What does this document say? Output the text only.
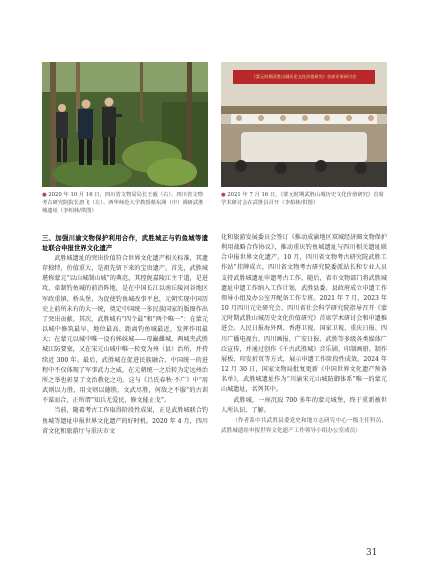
《蒙元时期武胜山城历史文化价值研究》首席专家研讨会
● 2020 年 10 月 16 日，四川省文物局局长王毅（右）、四川省文物考古研究院院长唐飞（左）、西华师范大学教授蔡东洲（中）调研武胜城遗址（李柏林/供图）
● 2021 年 7 月 16 日，《蒙元时期武胜山城历史文化价值研究》首席学术研讨会在武胜县召开（李柏林/供图）
三、加强川渝文物保护利用合作，武胜城正与钓鱼城等遗址联合申报世界文化遗产

武胜城遗址的突出价值符合世界文化遗产相关标准，其遗存独特，价值重大，是祖先留下来的宝贵遗产。首先，武胜城堪称蒙元“以山城制山城”的典范。其控扼嘉陵江主干道，是进攻、牵制钓鱼城的前沿阵地，是在中国长江以南丘陵河谷地区军政重镇、桥头堡，为促使钓鱼城改事平息，元朝实现中国历史上前所未有的大一统，奠定中国统一多民族国家的版图作出了突出贡献。其次，武胜城有“四个最”和“两个唯一”：在蒙元以城中修筑最早、地位最高、距离钓鱼城最近，发挥作用最大；在蒙元以城中唯一设有姊妹城——母巅雌城，两城夹武胜城江防要塞，又在宋元山城中唯一转变为州（县）治所，并持续近 300 年。最后，武胜城在促进民族融合、中国统一的进程中不仅体现了军事武力之威，在元朝统一之后转为定远州治所之举也彰显了文治教化之功。这与《吕氏春秋·不广》中“用武则以力胜，用文则以德胜，文武尽胜，何敌之不服”的古训不谋而合，正所谓“知兵尤爱民，修文能止戈”。

当前，随着考古工作取得阶段性成果，正是武胜城联合钓鱼城等遗址申报世界文化遗产的好时机。2020 年 4 月，四川省文化和旅游厅与重庆市文

化和旅游发展委员会签订《推动成渝地区双城经济圈文物保护利用战略合作协议》，推动重庆钓鱼城遗址与四川相关遗址联合申报世界文化遗产。10 月，四川省文物考古研究院武胜工作站“挂牌成立，四川省文物考古研究院委派站长和专业人员支持武胜城遗址申遗考古工作。随后，省市文物部门将武胜城遗址申遗工作纳入工作计划，武胜县委、县政府成立申遗工作领导小组及办公室开配备工作专班。2021 年 7 月，2023 年 10 月四川元史研究会、四川省社会科学研究院指导召开《蒙元时期武胜山城历史文化价值研究》首席学术研讨会和申遗推进会。人民日报海外网、香港卫视、国家卫视、重庆日报、四川广播电视台、四川画报、广安日报、武胜等多级各类媒体广泛宣传，并通过创作《千古武胜城》音乐剧、印制画册、制作展板、印发折页等方式，展示申遗工作阶段性成效。2024 年 12 月 30 日，国家文物局批复更新《中国世界文化遗产预备名单》，武胜城遗址作为“川渝宋元山城防御体系”唯一的蒙元山城遗址，名列其中。

武胜城，一座沉寂 700 多年的蒙元城堡，终于重新被世人所认识、了解。

（作者系中共武胜县委党史和地方志研究中心一级主任科员、武胜城遗址申报世界文化遗产工作领导小组办公室成员）

31
